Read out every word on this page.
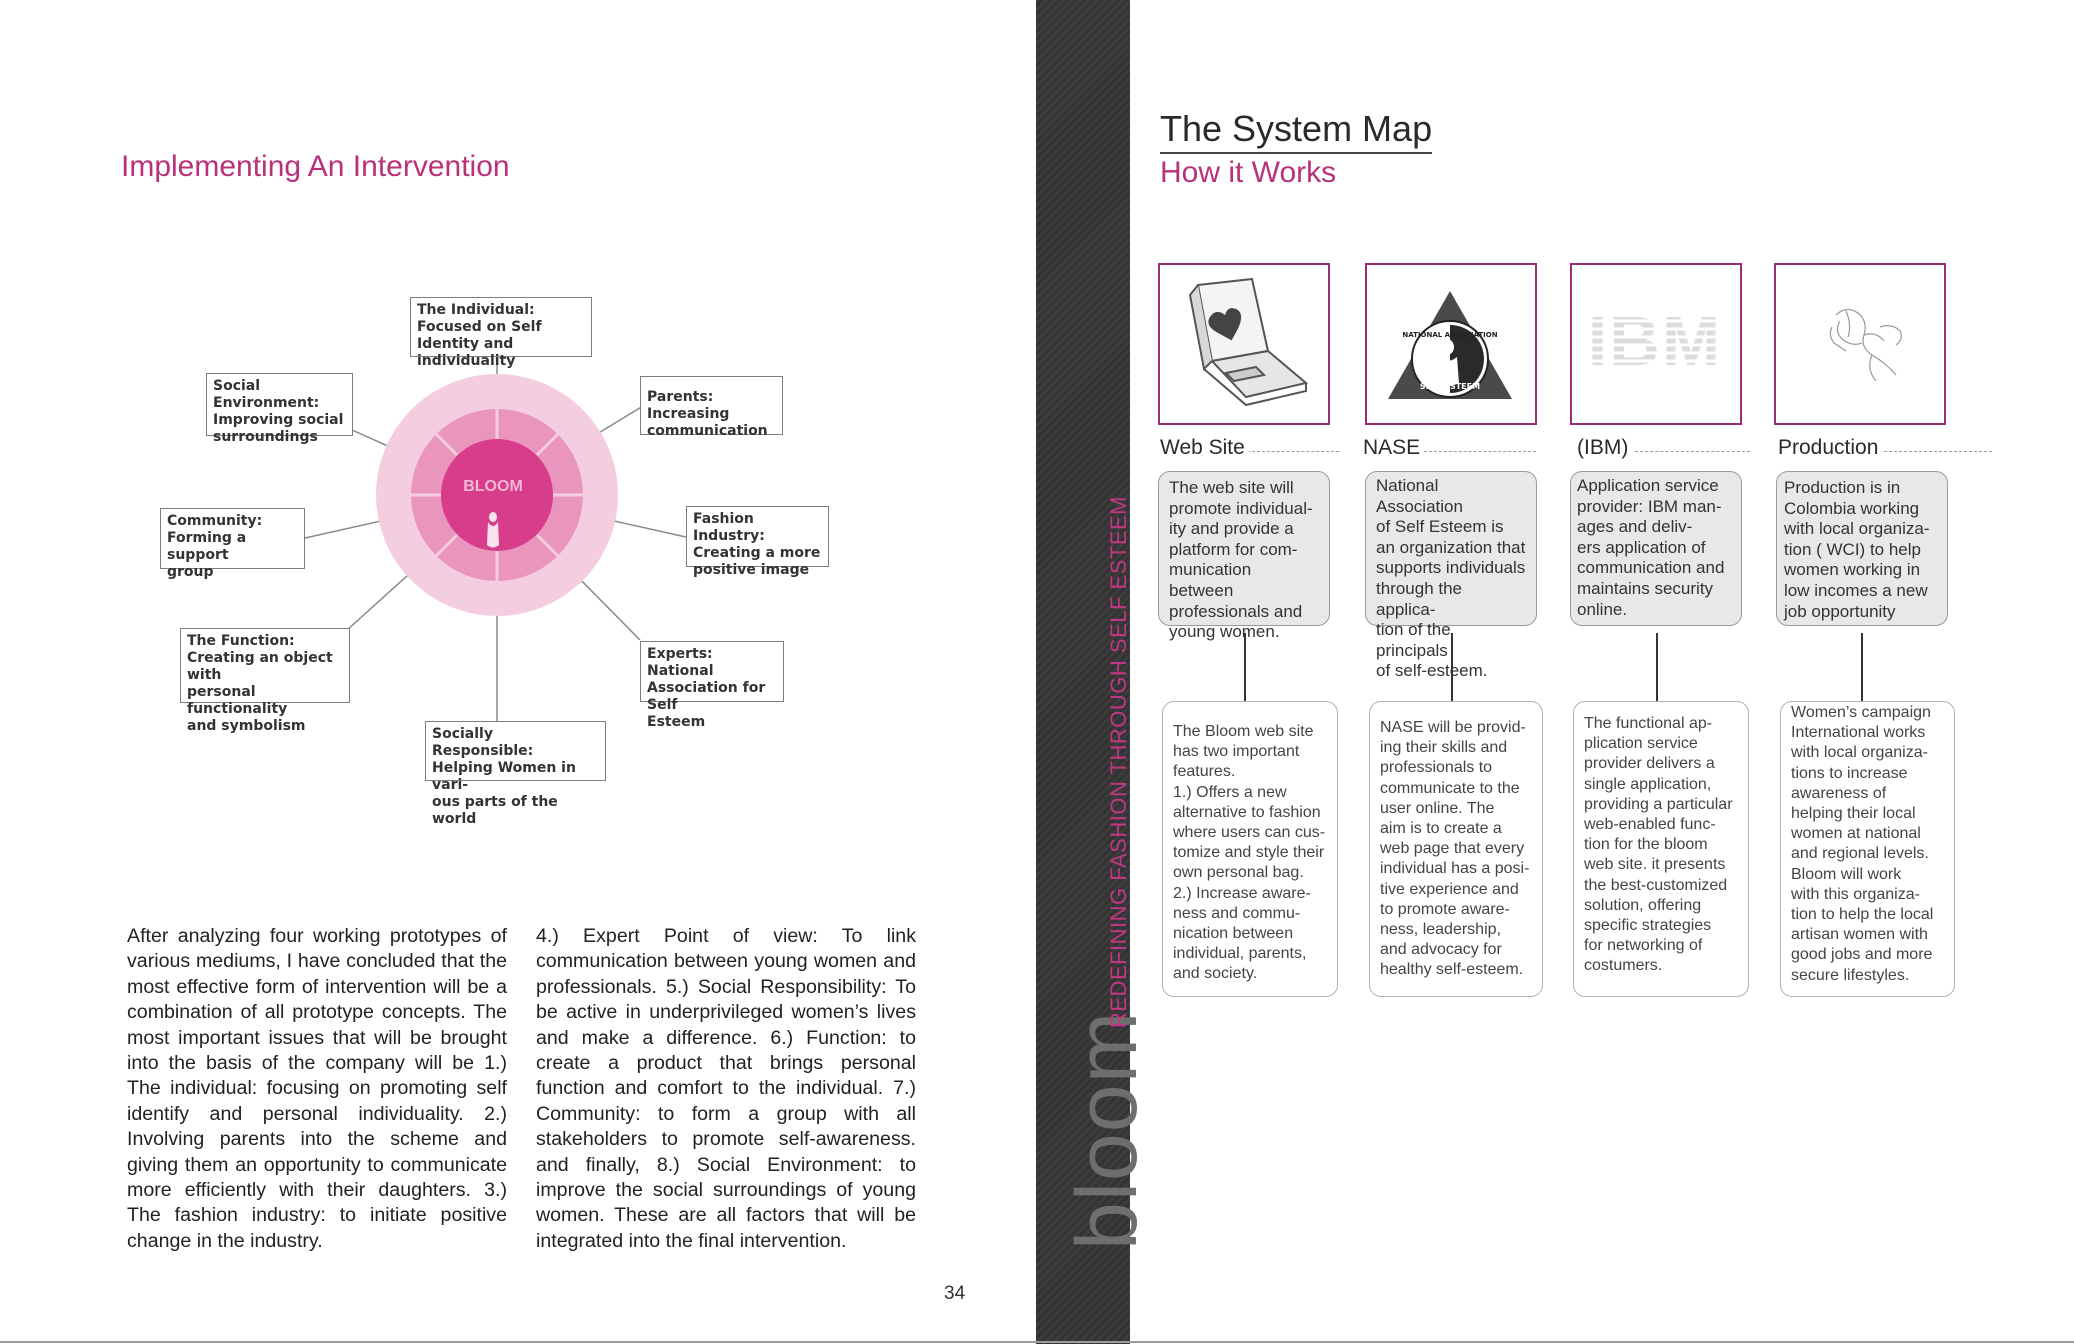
Implementing An Intervention
BLOOM
The Individual:
Focused on Self
Identity and individuality
Parents: Increasing
communication
Fashion Industry:
Creating a more
positive image
Experts: National
Association for Self
Esteem
Socially Responsible:
Helping Women in vari-
ous parts of the world
The Function:
Creating an object with
personal functionality
and symbolism
Community:
Forming a support
group
Social Environment:
Improving social
surroundings
After analyzing four working prototypes of various mediums, I have concluded that the most effective form of intervention will be a combination of all prototype concepts. The most important issues that will be brought into the basis of the company will be 1.) The individual: focusing on promoting self identify and personal individuality. 2.) Involving parents into the scheme and giving them an opportunity to communicate more efficiently with their daughters. 3.) The fashion industry: to initiate positive change in the industry.
4.) Expert Point of view: To link communication between young women and professionals. 5.) Social Responsibility: To be active in underprivileged women’s lives and make a difference. 6.) Function: to create a product that brings personal function and comfort to the individual. 7.) Community: to form a group with all stakeholders to promote self-awareness. and finally, 8.) Social Environment: to improve the social surroundings of young women. These are all factors that will be integrated into the final intervention.
34
bloom
REDEFINING FASHION THROUGH SELF ESTEEM
The System Map
How it Works
NATIONAL ASSOCIATION
SELF ESTEEM
IBM
Web Site	NASE	(IBM)	Production
The web site will
promote individual-
ity and provide a
platform for com-
munication between
professionals and
young women.
National Association
of Self Esteem is
an organization that
supports individuals
through the applica-
tion of the principals
of self-esteem.
Application service
provider: IBM man-
ages and deliv-
ers application of
communication and
maintains security
online.
Production is in
Colombia working
with local organiza-
tion ( WCI) to help
women working in
low incomes a new
job opportunity
The Bloom web site
has two important
features.
1.) Offers a new
alternative to fashion
where users can cus-
tomize and style their
own personal bag.
2.) Increase aware-
ness and commu-
nication between
individual, parents,
and society.
NASE will be provid-
ing their skills and
professionals to
communicate to the
user online. The
aim is to create a
web page that every
individual has a posi-
tive experience and
to promote aware-
ness, leadership,
and advocacy for
healthy self-esteem.
The functional ap-
plication service
provider delivers a
single application,
providing a particular
web-enabled func-
tion for the bloom
web site. it presents
the best-customized
solution, offering
specific strategies
for networking of
costumers.
Women’s campaign
International works
with local organiza-
tions to increase
awareness of
helping their local
women at national
and regional levels.
Bloom will work
with this organiza-
tion to help the local
artisan women with
good jobs and more
secure lifestyles.
